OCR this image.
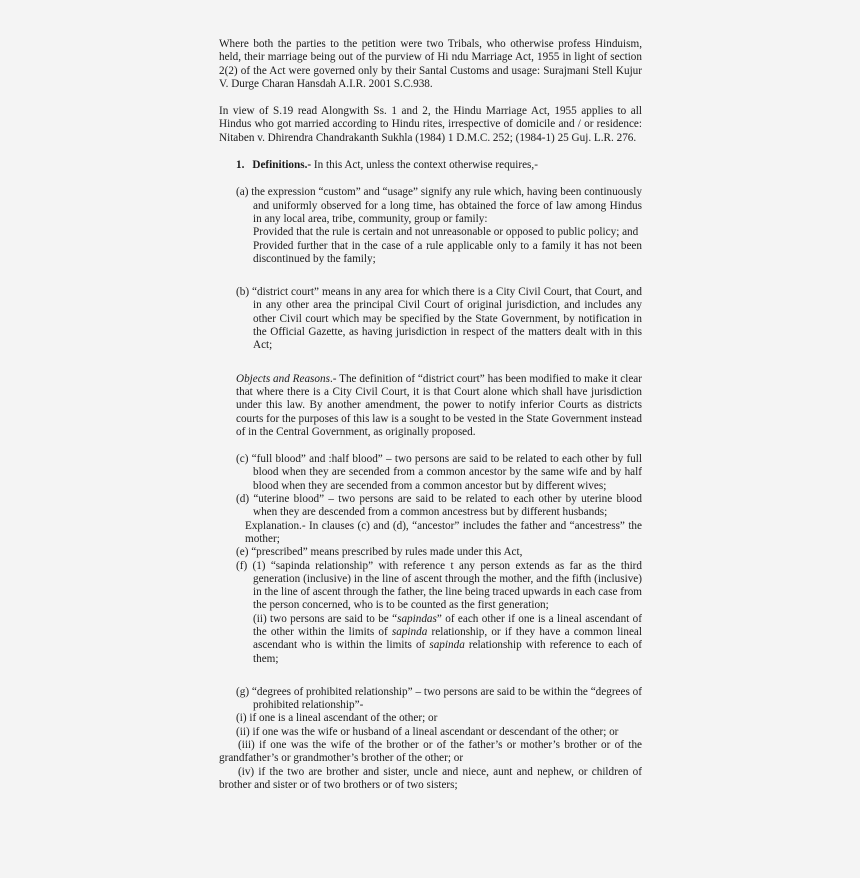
Where both the parties to the petition were two Tribals, who otherwise profess Hinduism, held, their marriage being out of the purview of Hi ndu Marriage Act, 1955 in light of section 2(2) of the Act were governed only by their Santal Customs and usage: Surajmani Stell Kujur V. Durge Charan Hansdah A.I.R. 2001 S.C.938.

In view of S.19 read Alongwith Ss. 1 and 2, the Hindu Marriage Act, 1955 applies to all Hindus who got married according to Hindu rites, irrespective of domicile and / or residence: Nitaben v. Dhirendra Chandrakanth Sukhla (1984) 1 D.M.C. 252; (1984-1) 25 Guj. L.R. 276.

1. Definitions.- In this Act, unless the context otherwise requires,-

(a) the expression “custom” and “usage” signify any rule which, having been continuously and uniformly observed for a long time, has obtained the force of law among Hindus in any local area, tribe, community, group or family:

Provided that the rule is certain and not unreasonable or opposed to public policy; and

Provided further that in the case of a rule applicable only to a family it has not been discontinued by the family;

(b) “district court” means in any area for which there is a City Civil Court, that Court, and in any other area the principal Civil Court of original jurisdiction, and includes any other Civil court which may be specified by the State Government, by notification in the Official Gazette, as having jurisdiction in respect of the matters dealt with in this Act;

Objects and Reasons.- The definition of “district court” has been modified to make it clear that where there is a City Civil Court, it is that Court alone which shall have jurisdiction under this law. By another amendment, the power to notify inferior Courts as districts courts for the purposes of this law is a sought to be vested in the State Government instead of in the Central Government, as originally proposed.

(c) “full blood” and :half blood” – two persons are said to be related to each other by full blood when they are secended from a common ancestor by the same wife and by half blood when they are secended from a common ancestor but by different wives;

(d) “uterine blood” – two persons are said to be related to each other by uterine blood when they are descended from a common ancestress but by different husbands;

Explanation.- In clauses (c) and (d), “ancestor” includes the father and “ancestress” the mother;

(e) “prescribed” means prescribed by rules made under this Act,

(f) (1) “sapinda relationship” with reference t any person extends as far as the third generation (inclusive) in the line of ascent through the mother, and the fifth (inclusive) in the line of ascent through the father, the line being traced upwards in each case from the person concerned, who is to be counted as the first generation;

(ii) two persons are said to be “sapindas” of each other if one is a lineal ascendant of the other within the limits of sapinda relationship, or if they have a common lineal ascendant who is within the limits of sapinda relationship with reference to each of them;

(g) “degrees of prohibited relationship” – two persons are said to be within the “degrees of prohibited relationship”-

(i) if one is a lineal ascendant of the other; or

(ii) if one was the wife or husband of a lineal ascendant or descendant of the other; or

(iii) if one was the wife of the brother or of the father’s or mother’s brother or of the grandfather’s or grandmother’s brother of the other; or

(iv) if the two are brother and sister, uncle and niece, aunt and nephew, or children of brother and sister or of two brothers or of two sisters;
